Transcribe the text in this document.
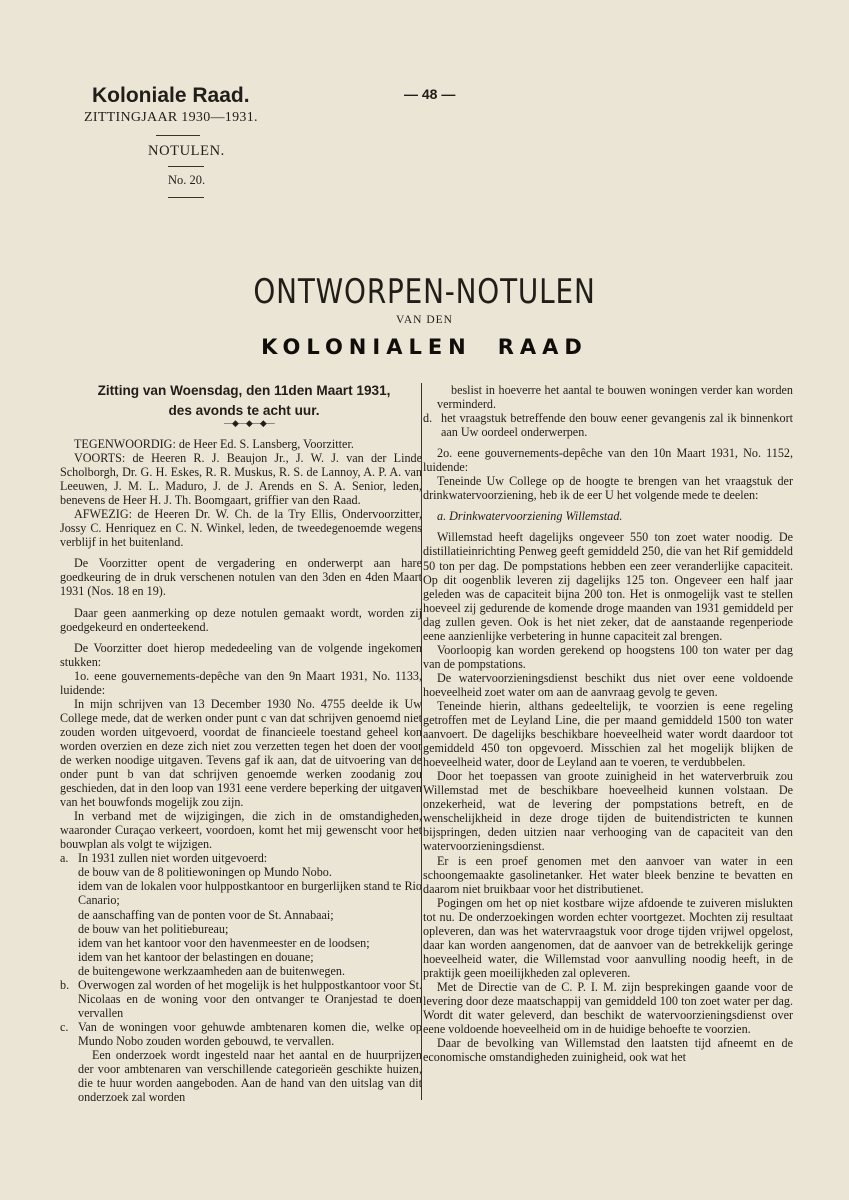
Koloniale Raad.
ZITTINGJAAR 1930—1931.
NOTULEN.
No. 20.
— 48 —
ONTWORPEN-NOTULEN
VAN DEN
KOLONIALEN RAAD
Zitting van Woensdag, den 11den Maart 1931,
des avonds te acht uur.
—◆—◆—◆—

TEGENWOORDIG: de Heer Ed. S. Lansberg, Voorzitter.

VOORTS: de Heeren R. J. Beaujon Jr., J. W. J. van der Linde Scholborgh, Dr. G. H. Eskes, R. R. Muskus, R. S. de Lannoy, A. P. A. van Leeuwen, J. M. L. Maduro, J. de J. Arends en S. A. Senior, leden, benevens de Heer H. J. Th. Boomgaart, griffier van den Raad.

AFWEZIG: de Heeren Dr. W. Ch. de la Try Ellis, Ondervoorzitter, Jossy C. Henriquez en C. N. Winkel, leden, de tweedegenoemde wegens verblijf in het buitenland.

De Voorzitter opent de vergadering en onderwerpt aan hare goedkeuring de in druk verschenen notulen van den 3den en 4den Maart 1931 (Nos. 18 en 19).

Daar geen aanmerking op deze notulen gemaakt wordt, worden zij goedgekeurd en onderteekend.

De Voorzitter doet hierop mededeeling van de volgende ingekomen stukken:

1o. eene gouvernements-depêche van den 9n Maart 1931, No. 1133, luidende:

In mijn schrijven van 13 December 1930 No. 4755 deelde ik Uw College mede, dat de werken onder punt c van dat schrijven genoemd niet zouden worden uitgevoerd, voordat de financieele toestand geheel kon worden overzien en deze zich niet zou verzetten tegen het doen der voor de werken noodige uitgaven. Tevens gaf ik aan, dat de uitvoering van de onder punt b van dat schrijven genoemde werken zoodanig zou geschieden, dat in den loop van 1931 eene verdere beperking der uitgaven van het bouwfonds mogelijk zou zijn.

In verband met de wijzigingen, die zich in de omstandigheden, waaronder Curaçao verkeert, voordoen, komt het mij gewenscht voor het bouwplan als volgt te wijzigen.

a. In 1931 zullen niet worden uitgevoerd:

de bouw van de 8 politiewoningen op Mundo Nobo.

idem van de lokalen voor hulppostkantoor en burgerlijken stand te Rio Canario;

de aanschaffing van de ponten voor de St. Annabaai;

de bouw van het politiebureau;

idem van het kantoor voor den havenmeester en de loodsen;

idem van het kantoor der belastingen en douane;

de buitengewone werkzaamheden aan de buitenwegen.

b. Overwogen zal worden of het mogelijk is het hulppostkantoor voor St. Nicolaas en de woning voor den ontvanger te Oranjestad te doen vervallen
c. Van de woningen voor gehuwde ambtenaren komen die, welke op Mundo Nobo zouden worden gebouwd, te vervallen.

Een onderzoek wordt ingesteld naar het aantal en de huurprijzen der voor ambtenaren van verschillende categorieën geschikte huizen, die te huur worden aangeboden. Aan de hand van den uitslag van dit onderzoek zal worden

beslist in hoeverre het aantal te bouwen woningen verder kan worden verminderd.

d. het vraagstuk betreffende den bouw eener gevangenis zal ik binnenkort aan Uw oordeel onderwerpen.

2o. eene gouvernements-depêche van den 10n Maart 1931, No. 1152, luidende:

Teneinde Uw College op de hoogte te brengen van het vraagstuk der drinkwatervoorziening, heb ik de eer U het volgende mede te deelen:

a. Drinkwatervoorziening Willemstad.

Willemstad heeft dagelijks ongeveer 550 ton zoet water noodig. De distillatieinrichting Penweg geeft gemiddeld 250, die van het Rif gemiddeld 50 ton per dag. De pompstations hebben een zeer veranderlijke capaciteit. Op dit oogenblik leveren zij dagelijks 125 ton. Ongeveer een half jaar geleden was de capaciteit bijna 200 ton. Het is onmogelijk vast te stellen hoeveel zij gedurende de komende droge maanden van 1931 gemiddeld per dag zullen geven. Ook is het niet zeker, dat de aanstaande regenperiode eene aanzienlijke verbetering in hunne capaciteit zal brengen.

Voorloopig kan worden gerekend op hoogstens 100 ton water per dag van de pompstations.

De watervoorzieningsdienst beschikt dus niet over eene voldoende hoeveelheid zoet water om aan de aanvraag gevolg te geven.

Teneinde hierin, althans gedeeltelijk, te voorzien is eene regeling getroffen met de Leyland Line, die per maand gemiddeld 1500 ton water aanvoert. De dagelijks beschikbare hoeveelheid water wordt daardoor tot gemiddeld 450 ton opgevoerd. Misschien zal het mogelijk blijken de hoeveelheid water, door de Leyland aan te voeren, te verdubbelen.

Door het toepassen van groote zuinigheid in het waterverbruik zou Willemstad met de beschikbare hoeveelheid kunnen volstaan. De onzekerheid, wat de levering der pompstations betreft, en de wenschelijkheid in deze droge tijden de buitendistricten te kunnen bijspringen, deden uitzien naar verhooging van de capaciteit van den watervoorzieningsdienst.

Er is een proef genomen met den aanvoer van water in een schoongemaakte gasolinetanker. Het water bleek benzine te bevatten en daarom niet bruikbaar voor het distributienet.

Pogingen om het op niet kostbare wijze afdoende te zuiveren mislukten tot nu. De onderzoekingen worden echter voortgezet. Mochten zij resultaat opleveren, dan was het watervraagstuk voor droge tijden vrijwel opgelost, daar kan worden aangenomen, dat de aanvoer van de betrekkelijk geringe hoeveelheid water, die Willemstad voor aanvulling noodig heeft, in de praktijk geen moeilijkheden zal opleveren.

Met de Directie van de C. P. I. M. zijn besprekingen gaande voor de levering door deze maatschappij van gemiddeld 100 ton zoet water per dag. Wordt dit water geleverd, dan beschikt de watervoorzieningsdienst over eene voldoende hoeveelheid om in de huidige behoefte te voorzien.

Daar de bevolking van Willemstad den laatsten tijd afneemt en de economische omstandigheden zuinigheid, ook wat het
